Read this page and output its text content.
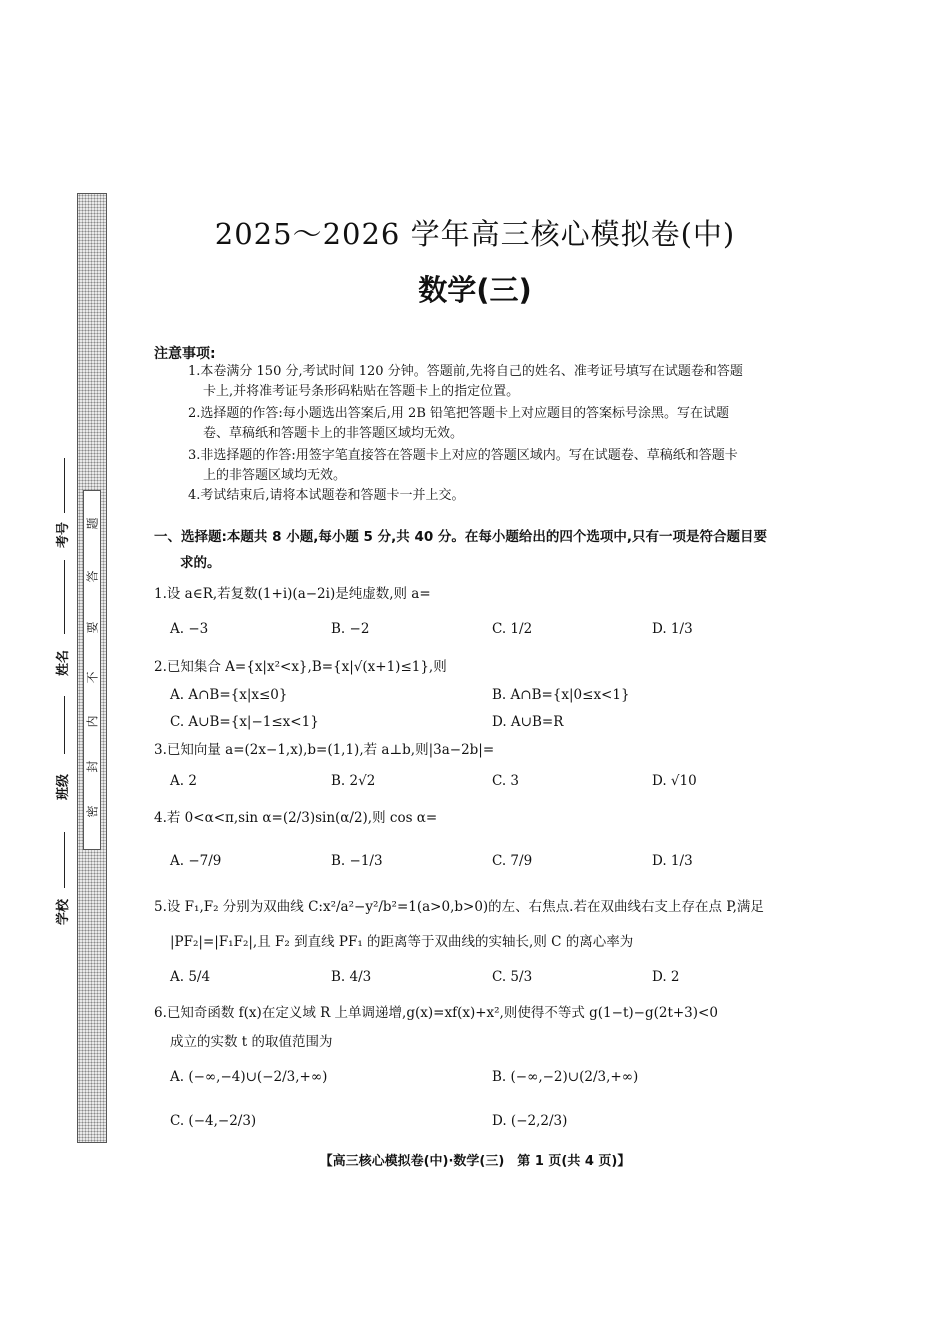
题
答
要
不
内
封
密
学校
班级
姓名
考号
2025～2026 学年高三核心模拟卷(中)
数学(三)
注意事项:
1.本卷满分 150 分,考试时间 120 分钟。答题前,先将自己的姓名、准考证号填写在试题卷和答题
卡上,并将准考证号条形码粘贴在答题卡上的指定位置。
2.选择题的作答:每小题选出答案后,用 2B 铅笔把答题卡上对应题目的答案标号涂黑。写在试题
卷、草稿纸和答题卡上的非答题区域均无效。
3.非选择题的作答:用签字笔直接答在答题卡上对应的答题区域内。写在试题卷、草稿纸和答题卡
上的非答题区域均无效。
4.考试结束后,请将本试题卷和答题卡一并上交。
一、选择题:本题共 8 小题,每小题 5 分,共 40 分。在每小题给出的四个选项中,只有一项是符合题目要
求的。
1.设 a∈R,若复数(1+i)(a−2i)是纯虚数,则 a=
A. −3	B. −2	C. 1/2	D. 1/3
2.已知集合 A={x|x²<x},B={x|√(x+1)≤1},则
A. A∩B={x|x≤0}	B. A∩B={x|0≤x<1}
C. A∪B={x|−1≤x<1}	D. A∪B=R
3.已知向量 a=(2x−1,x),b=(1,1),若 a⊥b,则|3a−2b|=
A. 2	B. 2√2	C. 3	D. √10
4.若 0<α<π,sin α=(2/3)sin(α/2),则 cos α=
A. −7/9	B. −1/3	C. 7/9	D. 1/3
5.设 F₁,F₂ 分别为双曲线 C:x²/a²−y²/b²=1(a>0,b>0)的左、右焦点.若在双曲线右支上存在点 P,满足
|PF₂|=|F₁F₂|,且 F₂ 到直线 PF₁ 的距离等于双曲线的实轴长,则 C 的离心率为
A. 5/4	B. 4/3	C. 5/3	D. 2
6.已知奇函数 f(x)在定义域 R 上单调递增,g(x)=xf(x)+x²,则使得不等式 g(1−t)−g(2t+3)<0
成立的实数 t 的取值范围为
A. (−∞,−4)∪(−2/3,+∞)	B. (−∞,−2)∪(2/3,+∞)
C. (−4,−2/3)	D. (−2,2/3)
【高三核心模拟卷(中)·数学(三)　第 1 页(共 4 页)】
